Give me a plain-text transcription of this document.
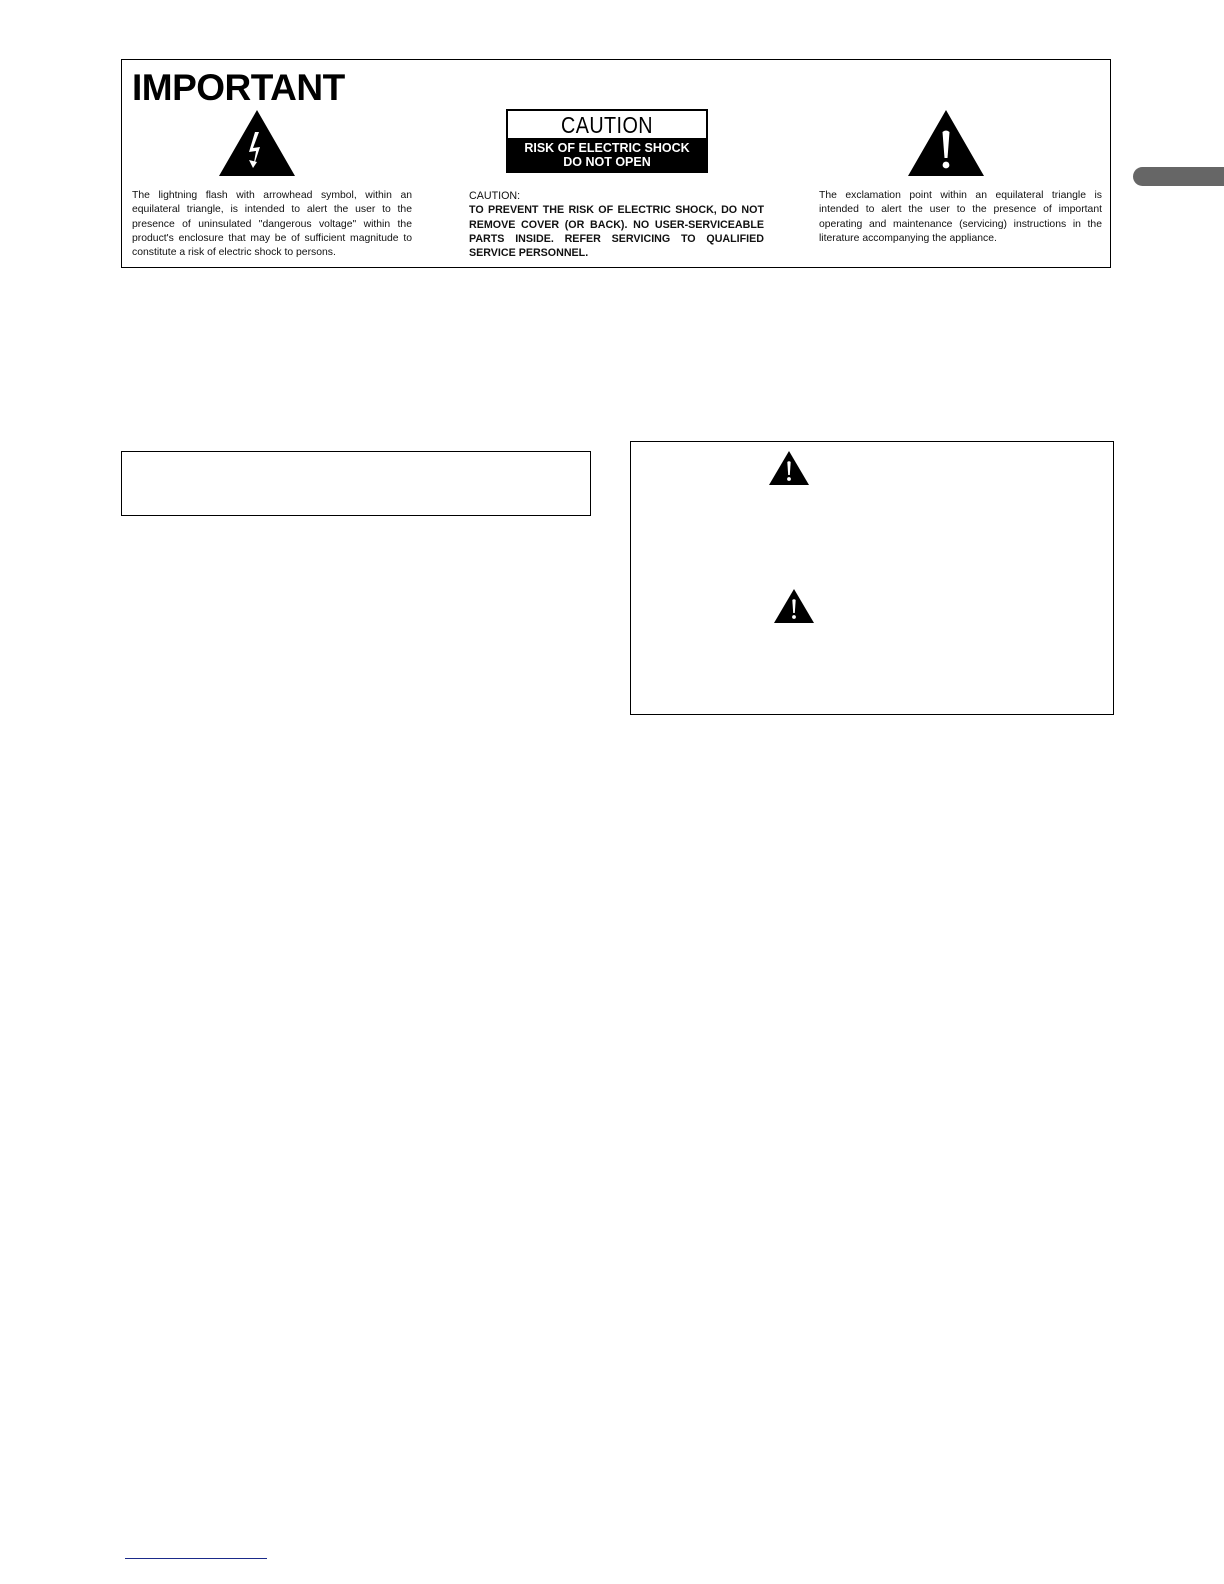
IMPORTANT
CAUTION
RISK OF ELECTRIC SHOCK
DO NOT OPEN

The lightning flash with arrowhead symbol, within an equilateral triangle, is intended to alert the user to the presence of uninsulated "dangerous voltage" within the product's enclosure that may be of sufficient magnitude to constitute a risk of electric shock to persons.

CAUTION:
TO PREVENT THE RISK OF ELECTRIC SHOCK, DO NOT REMOVE COVER (OR BACK). NO USER-SERVICEABLE PARTS INSIDE. REFER SERVICING TO QUALIFIED SERVICE PERSONNEL.

The exclamation point within an equilateral triangle is intended to alert the user to the presence of important operating and maintenance (servicing) instructions in the literature accompanying the appliance.
